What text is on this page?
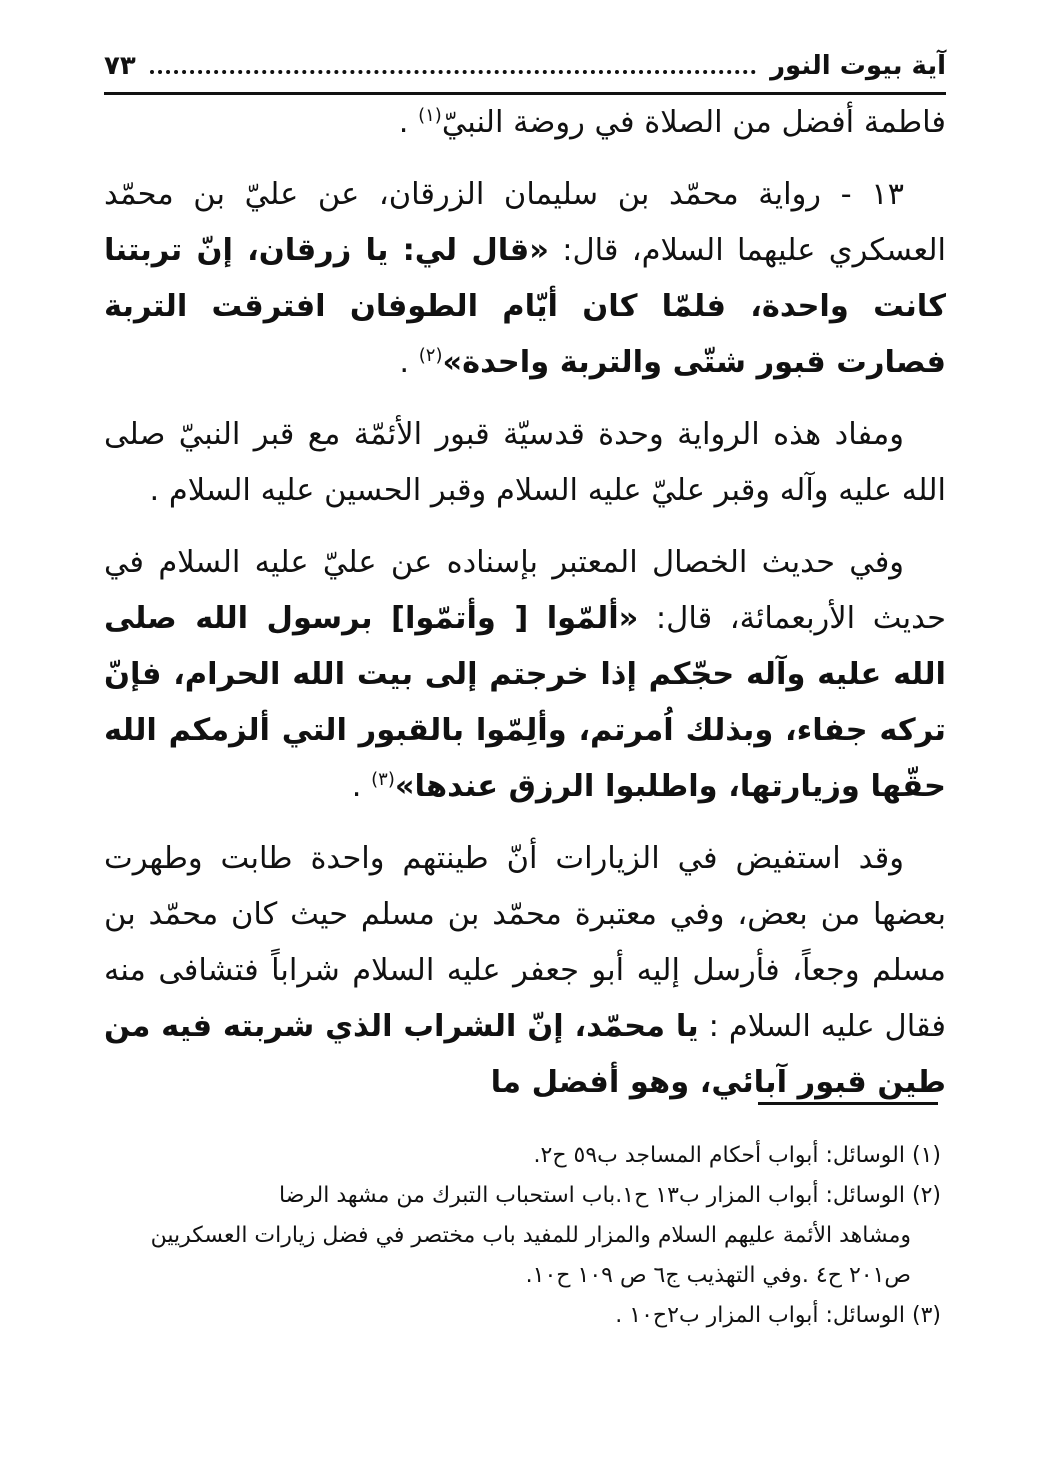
آية بيوت النور
٧٣

فاطمة أفضل من الصلاة في روضة النبيّ$^{(١)}$ .

١٣ - رواية محمّد بن سليمان الزرقان، عن عليّ بن محمّد العسكري عليهما السلام، قال: «قال لي: يا زرقان، إنّ تربتنا كانت واحدة، فلمّا كان أيّام الطوفان افترقت التربة فصارت قبور شتّى والتربة واحدة»$^{(٢)}$ .

ومفاد هذه الرواية وحدة قدسيّة قبور الأئمّة مع قبر النبيّ صلى الله عليه وآله وقبر عليّ عليه السلام وقبر الحسين عليه السلام .

وفي حديث الخصال المعتبر بإسناده عن عليّ عليه السلام في حديث الأربعمائة، قال: «ألمّوا [ وأتمّوا] برسول الله صلى الله عليه وآله حجّكم إذا خرجتم إلى بيت الله الحرام، فإنّ تركه جفاء، وبذلك اُمرتم، وألِمّوا بالقبور التي ألزمكم الله حقّها وزيارتها، واطلبوا الرزق عندها»$^{(٣)}$ .

وقد استفيض في الزيارات أنّ طينتهم واحدة طابت وطهرت بعضها من بعض، وفي معتبرة محمّد بن مسلم حيث كان محمّد بن مسلم وجعاً، فأرسل إليه أبو جعفر عليه السلام شراباً فتشافى منه فقال عليه السلام : يا محمّد، إنّ الشراب الذي شربته فيه من طين قبور آبائي، وهو أفضل ما

(١) الوسائل: أبواب أحكام المساجد ب٥٩ ح٢.

(٢) الوسائل: أبواب المزار ب١٣ ح١.باب استحباب التبرك من مشهد الرضا

ومشاهد الأئمة عليهم السلام والمزار للمفيد باب مختصر في فضل زيارات العسكريين

ص٢٠١ ح٤ .وفي التهذيب ج٦ ص ١٠٩ ح١٠.

(٣) الوسائل: أبواب المزار ب٢ح١٠ .
